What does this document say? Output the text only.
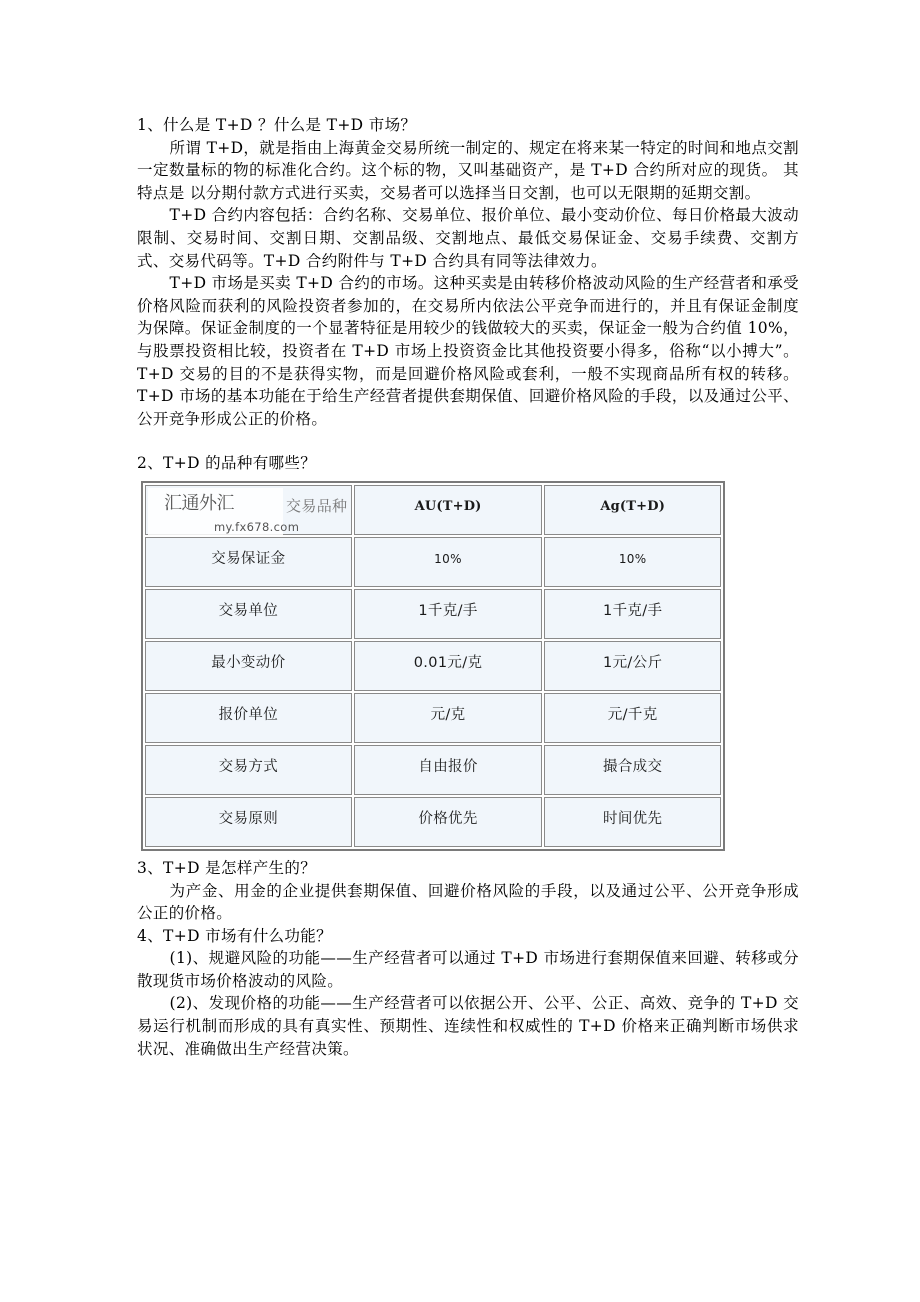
1、什么是 T+D ？什么是 T+D 市场？

所谓 T+D，就是指由上海黄金交易所统一制定的、规定在将来某一特定的时间和地点交割一定数量标的物的标准化合约。这个标的物，又叫基础资产，是 T+D 合约所对应的现货。 其特点是 以分期付款方式进行买卖，交易者可以选择当日交割，也可以无限期的延期交割。

T+D 合约内容包括：合约名称、交易单位、报价单位、最小变动价位、每日价格最大波动限制、交易时间、交割日期、交割品级、交割地点、最低交易保证金、交易手续费、交割方式、交易代码等。T+D 合约附件与 T+D 合约具有同等法律效力。

T+D 市场是买卖 T+D 合约的市场。这种买卖是由转移价格波动风险的生产经营者和承受价格风险而获利的风险投资者参加的，在交易所内依法公平竞争而进行的，并且有保证金制度为保障。保证金制度的一个显著特征是用较少的钱做较大的买卖，保证金一般为合约值 10%，与股票投资相比较，投资者在 T+D 市场上投资资金比其他投资要小得多，俗称“以小搏大”。T+D 交易的目的不是获得实物，而是回避价格风险或套利，一般不实现商品所有权的转移。T+D 市场的基本功能在于给生产经营者提供套期保值、回避价格风险的手段，以及通过公平、公开竞争形成公正的价格。

2、T+D 的品种有哪些？

汇通外汇
my.fx678.com
交易品种	AU(T+D)	Ag(T+D)
交易保证金	10%	10%
交易单位	1千克/手	1千克/手
最小变动价	0.01元/克	1元/公斤
报价单位	元/克	元/千克
交易方式	自由报价	撮合成交
交易原则	价格优先	时间优先

3、T+D 是怎样产生的？

为产金、用金的企业提供套期保值、回避价格风险的手段，以及通过公平、公开竞争形成公正的价格。

4、T+D 市场有什么功能？

(1)、规避风险的功能——生产经营者可以通过 T+D 市场进行套期保值来回避、转移或分散现货市场价格波动的风险。

(2)、发现价格的功能——生产经营者可以依据公开、公平、公正、高效、竞争的 T+D 交易运行机制而形成的具有真实性、预期性、连续性和权威性的 T+D 价格来正确判断市场供求状况、准确做出生产经营决策。
